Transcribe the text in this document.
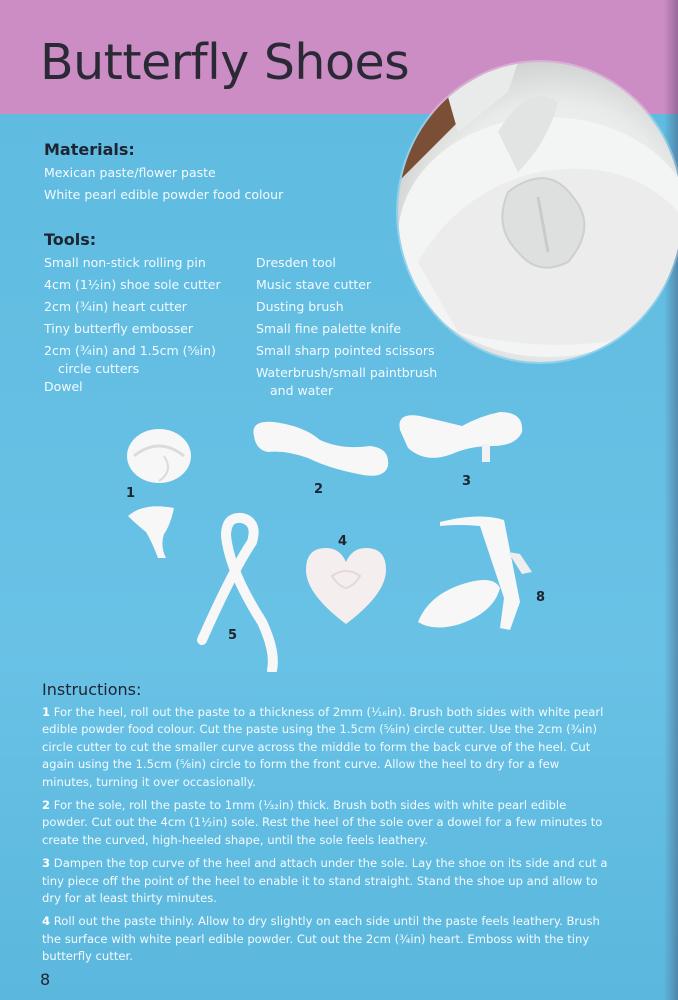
Butterfly Shoes
Materials:
Mexican paste/flower paste
White pearl edible powder food colour
Tools:
Small non-stick rolling pin
4cm (1½in) shoe sole cutter
2cm (¾in) heart cutter
Tiny butterfly embosser
2cm (¾in) and 1.5cm (⅝in)
circle cutters
Dowel
Dresden tool
Music stave cutter
Dusting brush
Small fine palette knife
Small sharp pointed scissors
Waterbrush/small paintbrush
and water
1	2
3
5
4
8
Instructions:

1 For the heel, roll out the paste to a thickness of 2mm (⅟₁₆in). Brush both sides with white pearl edible powder food colour. Cut the paste using the 1.5cm (⅝in) circle cutter. Use the 2cm (¾in) circle cutter to cut the smaller curve across the middle to form the back curve of the heel. Cut again using the 1.5cm (⅝in) circle to form the front curve. Allow the heel to dry for a few minutes, turning it over occasionally.

2 For the sole, roll the paste to 1mm (⅟₃₂in) thick. Brush both sides with white pearl edible powder. Cut out the 4cm (1½in) sole. Rest the heel of the sole over a dowel for a few minutes to create the curved, high-heeled shape, until the sole feels leathery.

3 Dampen the top curve of the heel and attach under the sole. Lay the shoe on its side and cut a tiny piece off the point of the heel to enable it to stand straight. Stand the shoe up and allow to dry for at least thirty minutes.

4 Roll out the paste thinly. Allow to dry slightly on each side until the paste feels leathery. Brush the surface with white pearl edible powder. Cut out the 2cm (¾in) heart. Emboss with the tiny butterfly cutter.

8
